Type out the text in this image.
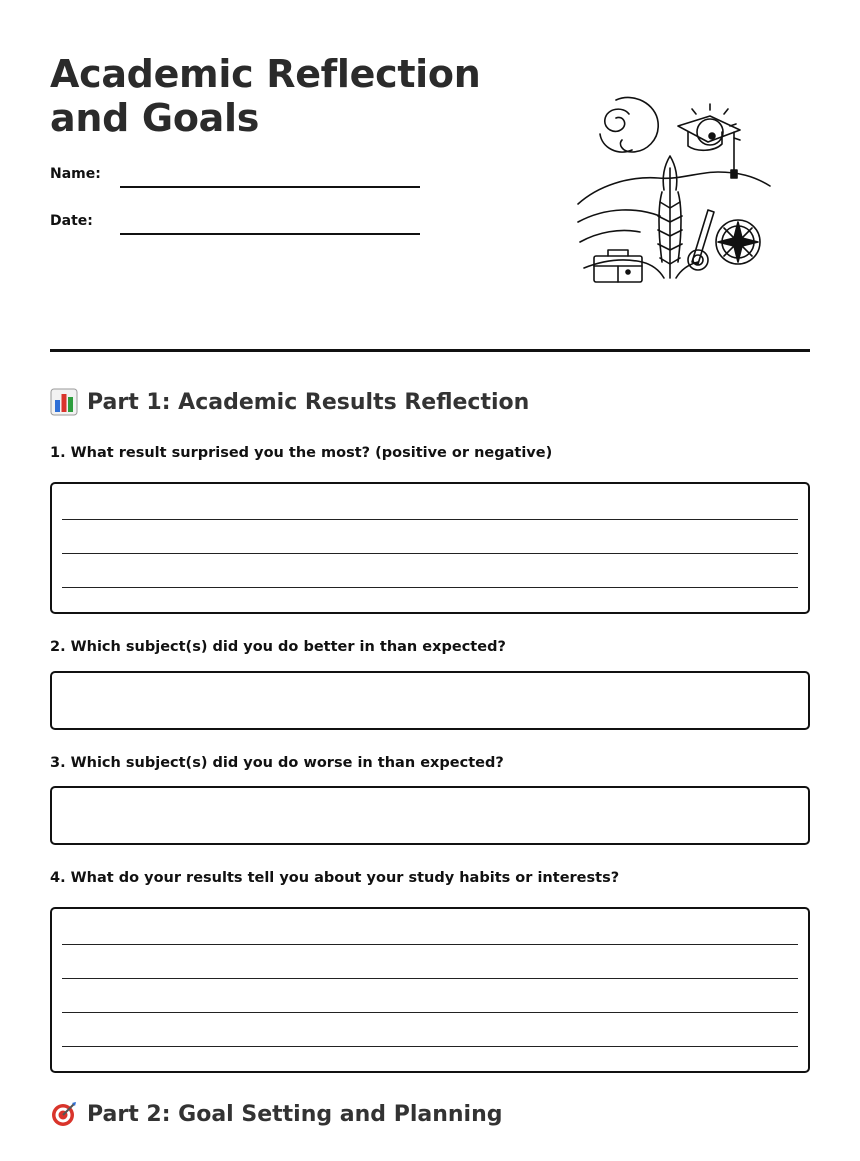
Academic Reflection
and Goals
Name:
Date:
Part 1: Academic Results Reflection

1. What result surprised you the most? (positive or negative)

2. Which subject(s) did you do better in than expected?

3. Which subject(s) did you do worse in than expected?

4. What do your results tell you about your study habits or interests?

Part 2: Goal Setting and Planning
